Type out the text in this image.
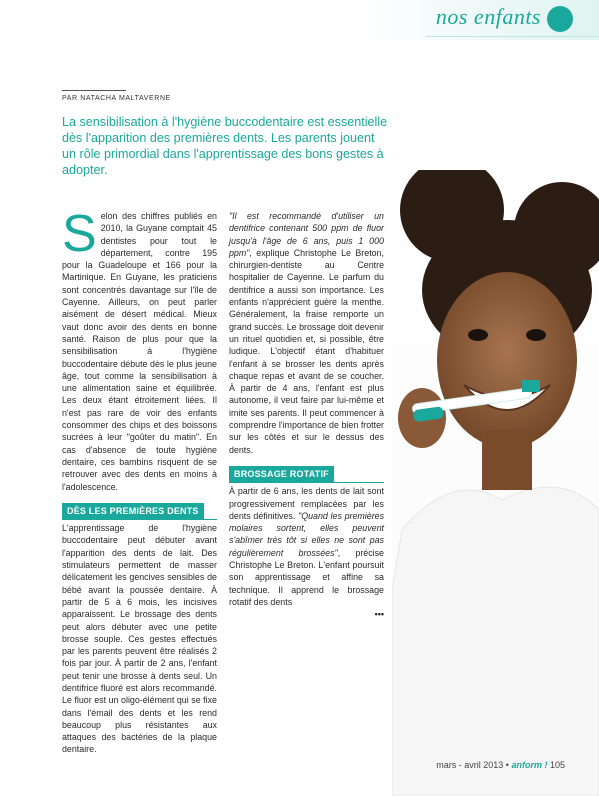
nos enfants
PAR NATACHA MALTAVERNE
La sensibilisation à l'hygiène buccodentaire est essentielle dès l'apparition des premières dents. Les parents jouent un rôle primordial dans l'apprentissage des bons gestes à adopter.
S elon des chiffres publiés en 2010, la Guyane comptait 45 dentistes pour tout le département, contre 195 pour la Guadeloupe et 166 pour la Martinique. En Guyane, les praticiens sont concentrés davantage sur l'île de Cayenne. Ailleurs, on peut parler aisément de désert médical. Mieux vaut donc avoir des dents en bonne santé. Raison de plus pour que la sensibilisation à l'hygiène buccodentaire débute dès le plus jeune âge, tout comme la sensibilisation à une alimentation saine et équilibrée. Les deux étant étroitement liées. Il n'est pas rare de voir des enfants consommer des chips et des boissons sucrées à leur "goûter du matin". En cas d'absence de toute hygiène dentaire, ces bambins risquent de se retrouver avec des dents en moins à l'adolescence.

DÈS LES PREMIÈRES DENTS

L'apprentissage de l'hygiène buccodentaire peut débuter avant l'apparition des dents de lait. Des stimulateurs permettent de masser délicatement les gencives sensibles de bébé avant la poussée dentaire. À partir de 5 à 6 mois, les incisives apparaissent. Le brossage des dents peut alors débuter avec une petite brosse souple. Ces gestes effectués par les parents peuvent être réalisés 2 fois par jour. À partir de 2 ans, l'enfant peut tenir une brosse à dents seul. Un dentifrice fluoré est alors recommandé. Le fluor est un oligo-élément qui se fixe dans l'émail des dents et les rend beaucoup plus résistantes aux attaques des bactéries de la plaque dentaire.

"Il est recommandé d'utiliser un dentifrice contenant 500 ppm de fluor jusqu'à l'âge de 6 ans, puis 1 000 ppm", explique Christophe Le Breton, chirurgien-dentiste au Centre hospitalier de Cayenne. Le parfum du dentifrice a aussi son importance. Les enfants n'apprécient guère la menthe. Généralement, la fraise remporte un grand succès. Le brossage doit devenir un rituel quotidien et, si possible, être ludique. L'objectif étant d'habituer l'enfant à se brosser les dents après chaque repas et avant de se coucher. À partir de 4 ans, l'enfant est plus autonome, il veut faire par lui-même et imite ses parents. Il peut commencer à comprendre l'importance de bien frotter sur les côtés et sur le dessus des dents.

BROSSAGE ROTATIF

À partir de 6 ans, les dents de lait sont progressivement remplacées par les dents définitives. "Quand les premières molaires sortent, elles peuvent s'abîmer très tôt si elles ne sont pas régulièrement brossées", précise Christophe Le Breton. L'enfant poursuit son apprentissage et affine sa technique. Il apprend le brossage rotatif des dents

•••

mars - avril 2013 • anform ! 105
